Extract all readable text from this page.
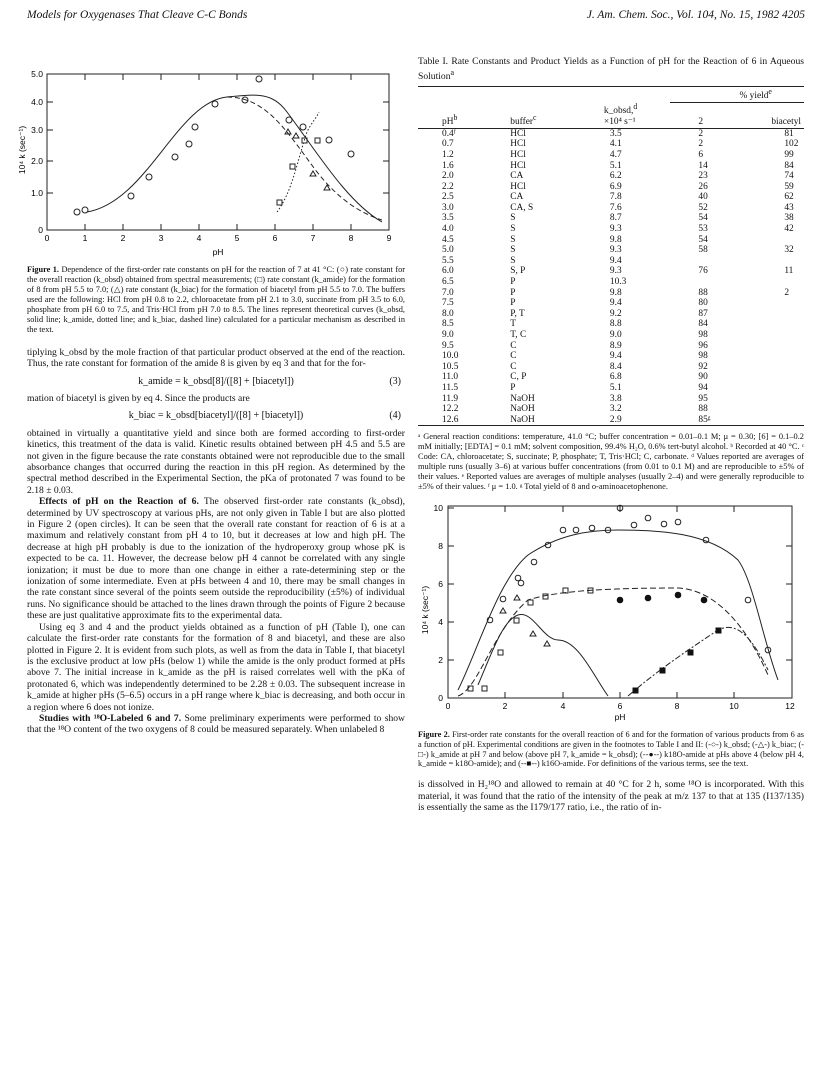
Models for Oxygenases That Cleave C-C Bonds	J. Am. Chem. Soc., Vol. 104, No. 15, 1982 4205
0
1.0
2.0
3.0
4.0
5.0
10⁴ k (sec⁻¹)
0	1	2	3	4	5	6	7	8	9
pH
Figure 1. Dependence of the first-order rate constants on pH for the reaction of 7 at 41 °C: (○) rate constant for the overall reaction (k_obsd) obtained from spectral measurements; (□) rate constant (k_amide) for the formation of 8 from pH 5.5 to 7.0; (△) rate constant (k_biac) for the formation of biacetyl from pH 5.5 to 7.0. The buffers used are the following: HCl from pH 0.8 to 2.2, chloroacetate from pH 2.1 to 3.0, succinate from pH 3.5 to 6.0, phosphate from pH 6.0 to 7.5, and Tris·HCl from pH 7.0 to 8.5. The lines represent theoretical curves (k_obsd, solid line; k_amide, dotted line; and k_biac, dashed line) calculated for a particular mechanism as described in the text.

tiplying k_obsd by the mole fraction of that particular product observed at the end of the reaction. Thus, the rate constant for formation of the amide 8 is given by eq 3 and that for the for-

k_amide = k_obsd[8]/([8] + [biacetyl])	(3)

mation of biacetyl is given by eq 4. Since the products are

k_biac = k_obsd[biacetyl]/([8] + [biacetyl])	(4)

obtained in virtually a quantitative yield and since both are formed according to first-order kinetics, this treatment of the data is valid. Kinetic results obtained between pH 4.5 and 5.5 are not given in the figure because the rate constants obtained were not reproducible due to the small absorbance changes that occurred during the reaction in this pH region. As determined by the spectral method described in the Experimental Section, the pKa of protonated 7 was found to be 2.18 ± 0.03.

Effects of pH on the Reaction of 6. The observed first-order rate constants (k_obsd), determined by UV spectroscopy at various pHs, are not only given in Table I but are also plotted in Figure 2 (open circles). It can be seen that the overall rate constant for reaction of 6 is at a maximum and relatively constant from pH 4 to 10, but it decreases at low and high pH. The decrease at high pH probably is due to the ionization of the hydroperoxy group whose pK is expected to be ca. 11. However, the decrease below pH 4 cannot be correlated with any single ionization; it must be due to more than one change in either a rate-determining step or the ionization of some intermediate. Even at pHs between 4 and 10, there may be small changes in the rate constant since several of the points seem outside the reproducibility (±5%) of individual runs. No significance should be attached to the lines drawn through the points of Figure 2 because these are just qualitative approximate fits to the experimental data.

Using eq 3 and 4 and the product yields obtained as a function of pH (Table I), one can calculate the first-order rate constants for the formation of 8 and biacetyl, and these are also plotted in Figure 2. It is evident from such plots, as well as from the data in Table I, that biacetyl is the exclusive product at low pHs (below 1) while the amide is the only product formed at pHs above 7. The initial increase in k_amide as the pH is raised correlates well with the pKa of protonated 6, which was independently determined to be 2.28 ± 0.03. The subsequent increase in k_amide at higher pHs (5–6.5) occurs in a pH range where k_biac is decreasing, and both occur in a region where 6 does not ionize.

Studies with ¹⁸O-Labeled 6 and 7. Some preliminary experiments were performed to show that the ¹⁸O content of the two oxygens of 8 could be measured separately. When unlabeled 8

Table I. Rate Constants and Product Yields as a Function of pH for the Reaction of 6 in Aqueous Solution$^a$
			% yield$^e$
$pH^b$	buffer$^c$	k_obsd,$^d$
×10⁴ s⁻¹	2	biacetyl
0.4ᶠ	HCl	3.5	2	81
0.7	HCl	4.1	2	102
1.2	HCl	4.7	6	99
1.6	HCl	5.1	14	84
2.0	CA	6.2	23	74
2.2	HCl	6.9	26	59
2.5	CA	7.8	40	62
3.0	CA, S	7.6	52	43
3.5	S	8.7	54	38
4.0	S	9.3	53	42
4.5	S	9.8	54	
5.0	S	9.3	58	32
5.5	S	9.4		
6.0	S, P	9.3	76	11
6.5	P	10.3		
7.0	P	9.8	88	2
7.5	P	9.4	80	
8.0	P, T	9.2	87	
8.5	T	8.8	84	
9.0	T, C	9.0	98	
9.5	C	8.9	96	
10.0	C	9.4	98	
10.5	C	8.4	92	
11.0	C, P	6.8	90	
11.5	P	5.1	94	
11.9	NaOH	3.8	95	
12.2	NaOH	3.2	88	
12.6	NaOH	2.9	85ᵍ	
ᵃ General reaction conditions: temperature, 41.0 °C; buffer concentration = 0.01–0.1 M; μ = 0.30; [6] = 0.1–0.2 mM initially; [EDTA] = 0.1 mM; solvent composition, 99.4% H₂O, 0.6% tert-butyl alcohol. ᵇ Recorded at 40 °C. ᶜ Code: CA, chloroacetate; S, succinate; P, phosphate; T, Tris·HCl; C, carbonate. ᵈ Values reported are averages of multiple runs (usually 3–6) at various buffer concentrations (from 0.01 to 0.1 M) and are reproducible to ±5% of their values. ᵉ Reported values are averages of multiple analyses (usually 2–4) and were generally reproducible to ±5% of their values. ᶠ μ = 1.0. ᵍ Total yield of 8 and o-aminoacetophenone.
0
2
4
6
8
10
10⁴ k (sec⁻¹)
0	2	4	6	8	10	12
pH
Figure 2. First-order rate constants for the overall reaction of 6 and for the formation of various products from 6 as a function of pH. Experimental conditions are given in the footnotes to Table I and II: (-○-) k_obsd; (-△-) k_biac; (-□-) k_amide at pH 7 and below (above pH 7, k_amide = k_obsd); (--●--) k18O-amide at pHs above 4 (below pH 4, k_amide = k18O-amide); and (--■--) k16O-amide. For definitions of the various terms, see the text.

is dissolved in H₂¹⁸O and allowed to remain at 40 °C for 2 h, some ¹⁸O is incorporated. With this material, it was found that the ratio of the intensity of the peak at m/z 137 to that at 135 (I137/135) is essentially the same as the I179/177 ratio, i.e., the ratio of in-
